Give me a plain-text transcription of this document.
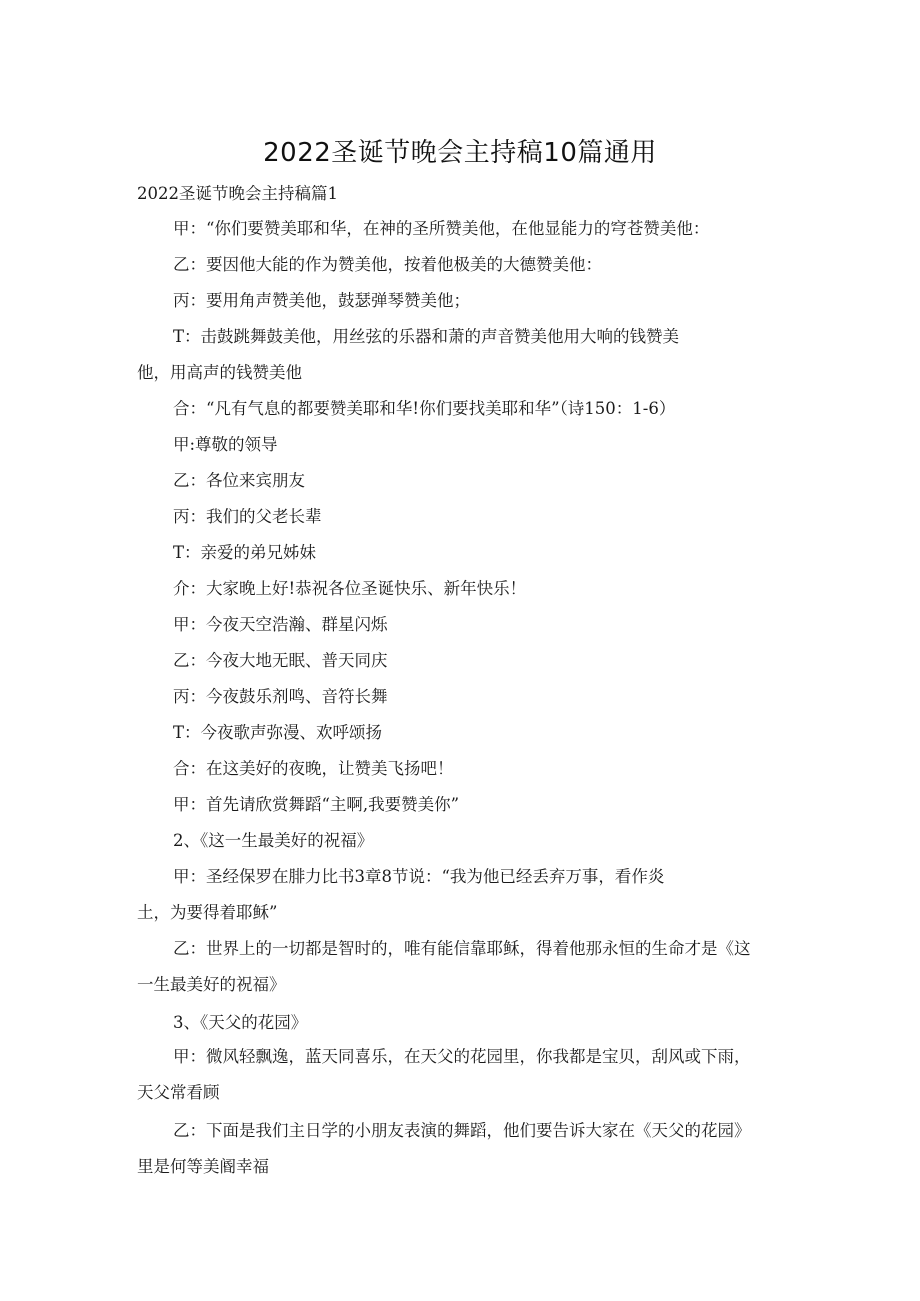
2022圣诞节晚会主持稿10篇通用

2022圣诞节晚会主持稿篇1

甲：“你们要赞美耶和华，在神的圣所赞美他，在他显能力的穹苍赞美他：

乙：要因他大能的作为赞美他，按着他极美的大德赞美他：

丙：要用角声赞美他，鼓瑟弹琴赞美他；

T：击鼓跳舞鼓美他，用丝弦的乐器和萧的声音赞美他用大响的钱赞美

他，用高声的钱赞美他

合：“凡有气息的都要赞美耶和华!你们要找美耶和华”（诗150：1-6）

甲:尊敬的领导

乙：各位来宾朋友

丙：我们的父老长辈

T：亲爱的弟兄姊妹

介：大家晚上好!恭祝各位圣诞快乐、新年快乐！

甲：今夜天空浩瀚、群星闪烁

乙：今夜大地无眠、普天同庆

丙：今夜鼓乐剂鸣、音符长舞

T：今夜歌声弥漫、欢呼颂扬

合：在这美好的夜晚，让赞美飞扬吧！

甲：首先请欣赏舞蹈“主啊,我要赞美你”

2、《这一生最美好的祝福》

甲：圣经保罗在腓力比书3章8节说：“我为他已经丢弃万事，看作炎

土，为要得着耶稣”

乙：世界上的一切都是智时的，唯有能信靠耶稣，得着他那永恒的生命才是《这

一生最美好的祝福》

3、《天父的花园》

甲：微风轻飘逸，蓝天同喜乐，在天父的花园里，你我都是宝贝，刮风或下雨，

天父常看顾

乙：下面是我们主日学的小朋友表演的舞蹈，他们要告诉大家在《天父的花园》

里是何等美阍幸福
